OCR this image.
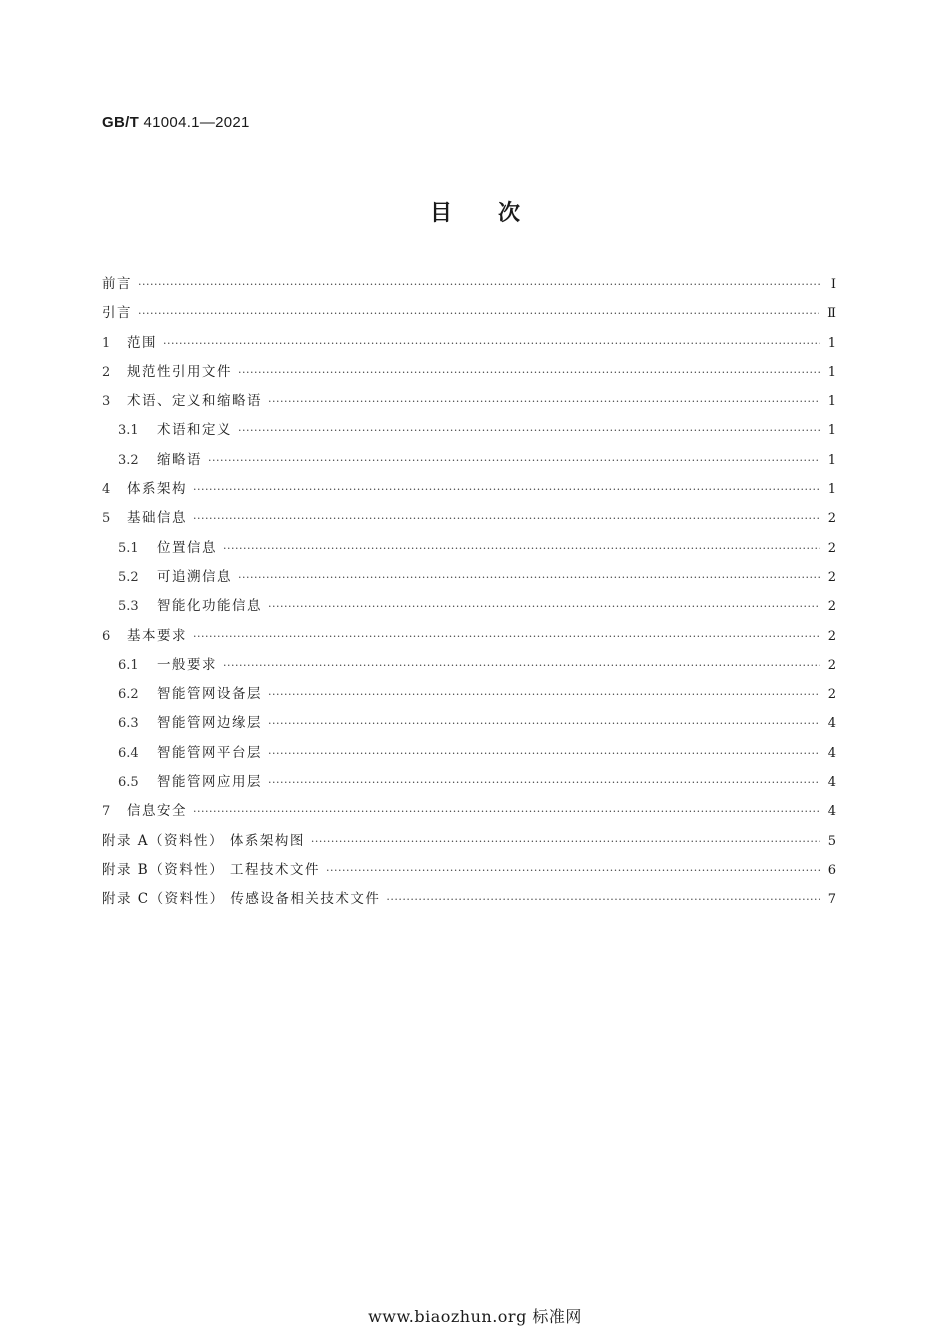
GB/T 41004.1—2021
目次
前言 ·····	Ⅰ
引言 ·····	Ⅱ
1	范围 ·····	1
2	规范性引用文件 ·····	1
3	术语、定义和缩略语 ·····	1
3.1	术语和定义 ·····	1
3.2	缩略语 ·····	1
4	体系架构 ·····	1
5	基础信息 ·····	2
5.1	位置信息 ·····	2
5.2	可追溯信息 ·····	2
5.3	智能化功能信息 ·····	2
6	基本要求 ·····	2
6.1	一般要求 ·····	2
6.2	智能管网设备层 ·····	2
6.3	智能管网边缘层 ·····	4
6.4	智能管网平台层 ·····	4
6.5	智能管网应用层 ·····	4
7	信息安全 ·····	4
附录 A（资料性） 体系架构图 ·····	5
附录 B（资料性） 工程技术文件 ·····	6
附录 C（资料性） 传感设备相关技术文件 ·····	7
www.biaozhun.org 标准网
